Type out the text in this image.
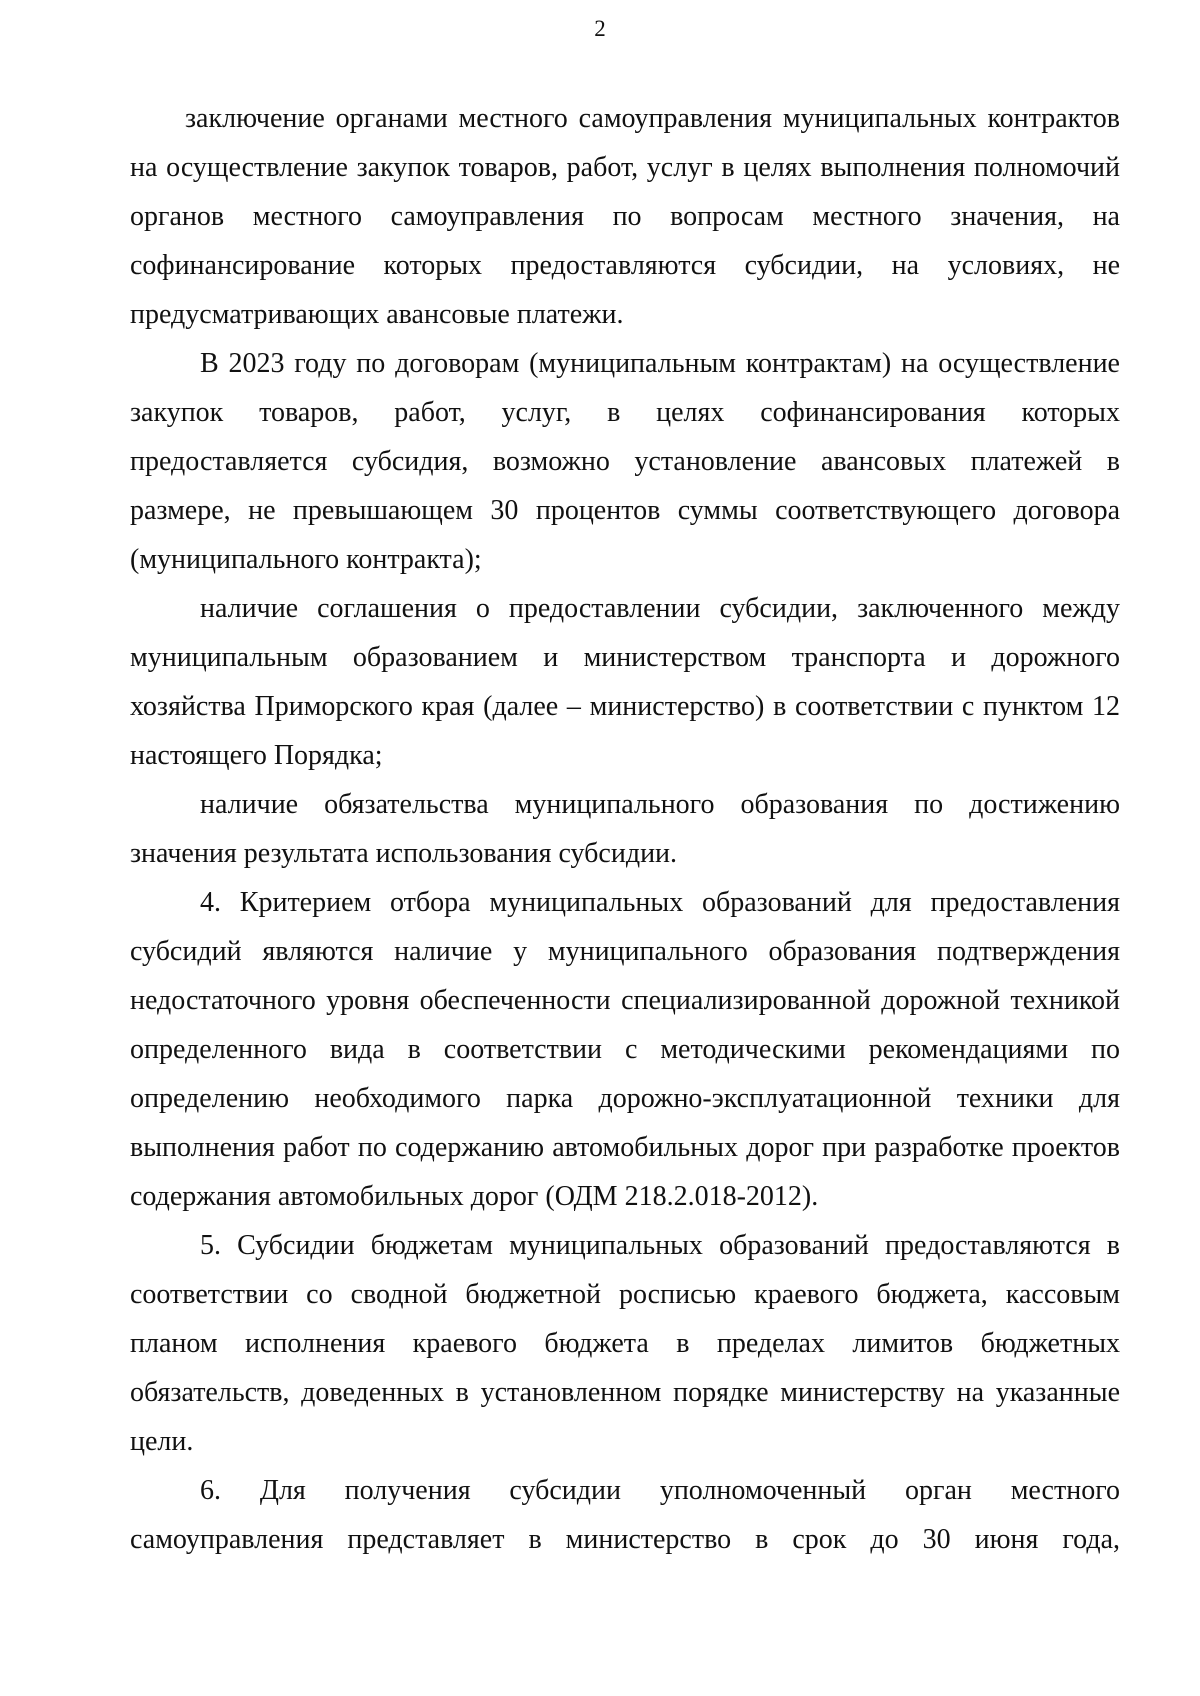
2

заключение органами местного самоуправления муниципальных контрактов на осуществление закупок товаров, работ, услуг в целях выполнения полномочий органов местного самоуправления по вопросам местного значения, на софинансирование которых предоставляются субсидии, на условиях, не предусматривающих авансовые платежи.

В 2023 году по договорам (муниципальным контрактам) на осуществление закупок товаров, работ, услуг, в целях софинансирования которых предоставляется субсидия, возможно установление авансовых платежей в размере, не превышающем 30 процентов суммы соответствующего договора (муниципального контракта);

наличие соглашения о предоставлении субсидии, заключенного между муниципальным образованием и министерством транспорта и дорожного хозяйства Приморского края (далее – министерство) в соответствии с пунктом 12 настоящего Порядка;

наличие обязательства муниципального образования по достижению значения результата использования субсидии.

4. Критерием отбора муниципальных образований для предоставления субсидий являются наличие у муниципального образования подтверждения недостаточного уровня обеспеченности специализированной дорожной техникой определенного вида в соответствии с методическими рекомендациями по определению необходимого парка дорожно-эксплуатационной техники для выполнения работ по содержанию автомобильных дорог при разработке проектов содержания автомобильных дорог (ОДМ 218.2.018-2012).

5. Субсидии бюджетам муниципальных образований предоставляются в соответствии со сводной бюджетной росписью краевого бюджета, кассовым планом исполнения краевого бюджета в пределах лимитов бюджетных обязательств, доведенных в установленном порядке министерству на указанные цели.

6. Для получения субсидии уполномоченный орган местного самоуправления представляет в министерство в срок до 30 июня года,
